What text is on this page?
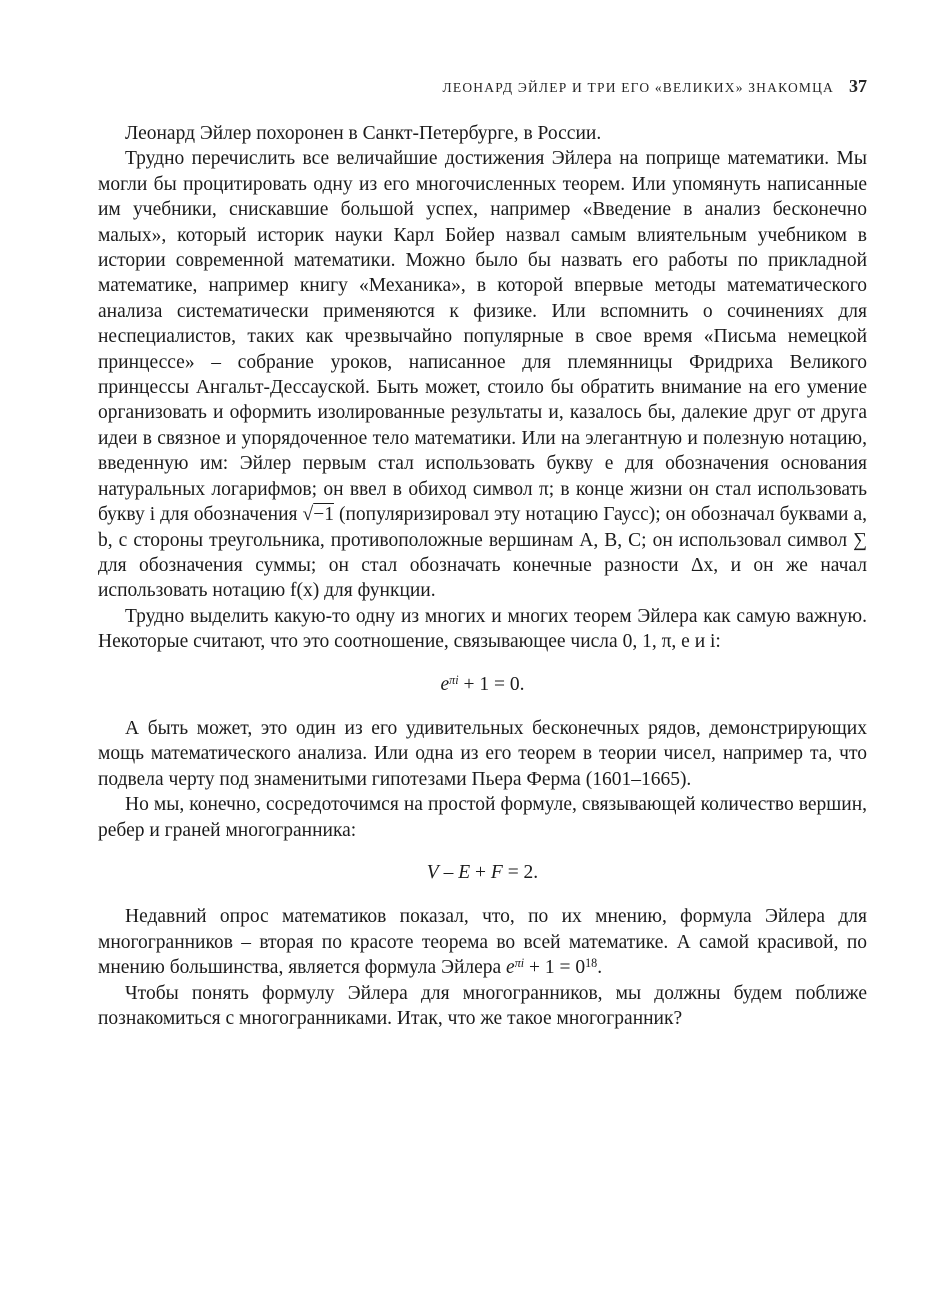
ЛЕОНАРД ЭЙЛЕР И ТРИ ЕГО «ВЕЛИКИХ» ЗНАКОМЦА 37

Леонард Эйлер похоронен в Санкт-Петербурге, в России.

Трудно перечислить все величайшие достижения Эйлера на поприще математики. Мы могли бы процитировать одну из его многочисленных теорем. Или упомянуть написанные им учебники, снискавшие большой успех, например «Введение в анализ бесконечно малых», который историк науки Карл Бойер назвал самым влиятельным учебником в истории современной математики. Можно было бы назвать его работы по прикладной математике, например книгу «Механика», в которой впервые методы математического анализа систематически применяются к физике. Или вспомнить о сочинениях для неспециалистов, таких как чрезвычайно популярные в свое время «Письма немецкой принцессе» – собрание уроков, написанное для племянницы Фридриха Великого принцессы Ангальт-Дессауской. Быть может, стоило бы обратить внимание на его умение организовать и оформить изолированные результаты и, казалось бы, далекие друг от друга идеи в связное и упорядоченное тело математики. Или на элегантную и полезную нотацию, введенную им: Эйлер первым стал использовать букву e для обозначения основания натуральных логарифмов; он ввел в обиход символ π; в конце жизни он стал использовать букву i для обозначения √−1 (популяризировал эту нотацию Гаусс); он обозначал буквами a, b, c стороны треугольника, противоположные вершинам A, B, C; он использовал символ ∑ для обозначения суммы; он стал обозначать конечные разности Δx, и он же начал использовать нотацию f(x) для функции.

Трудно выделить какую-то одну из многих и многих теорем Эйлера как самую важную. Некоторые считают, что это соотношение, связывающее числа 0, 1, π, e и i:

$e^{\pi i} + 1 = 0$.

А быть может, это один из его удивительных бесконечных рядов, демонстрирующих мощь математического анализа. Или одна из его теорем в теории чисел, например та, что подвела черту под знаменитыми гипотезами Пьера Ферма (1601–1665).

Но мы, конечно, сосредоточимся на простой формуле, связывающей количество вершин, ребер и граней многогранника:

V – E + F = 2.

Недавний опрос математиков показал, что, по их мнению, формула Эйлера для многогранников – вторая по красоте теорема во всей математике. А самой красивой, по мнению большинства, является формула Эйлера $e^{\pi i} + 1 = 0^{18}$.

Чтобы понять формулу Эйлера для многогранников, мы должны будем поближе познакомиться с многогранниками. Итак, что же такое многогранник?
